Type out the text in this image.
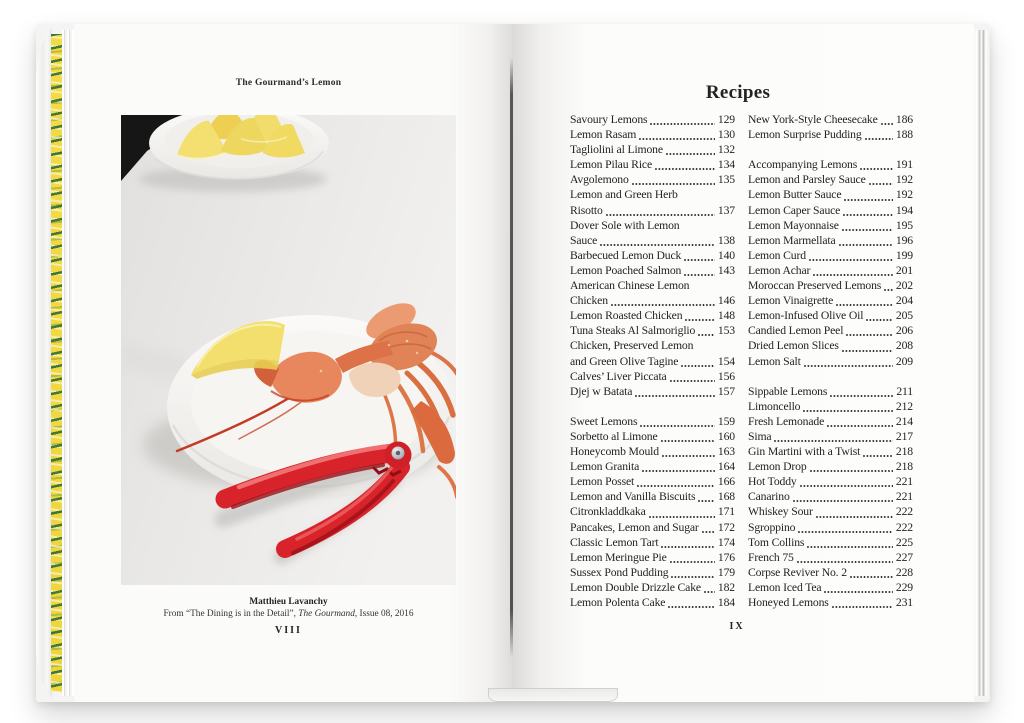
The Gourmand’s Lemon
Matthieu Lavanchy
From “The Dining is in the Detail”, The Gourmand, Issue 08, 2016
VIII
Recipes
Savoury Lemons	129
Lemon Rasam	130
Tagliolini al Limone	132
Lemon Pilau Rice	134
Avgolemono	135
Lemon and Green Herb
Risotto	137
Dover Sole with Lemon
Sauce	138
Barbecued Lemon Duck	140
Lemon Poached Salmon	143
American Chinese Lemon
Chicken	146
Lemon Roasted Chicken	148
Tuna Steaks Al Salmoriglio 153
Chicken, Preserved Lemon
and Green Olive Tagine	154
Calves’ Liver Piccata	156
Djej w Batata	157
Sweet Lemons	159
Sorbetto al Limone	160
Honeycomb Mould	163
Lemon Granita	164
Lemon Posset	166
Lemon and Vanilla Biscuits 168
Citronkladdkaka	171
Pancakes, Lemon and Sugar 172
Classic Lemon Tart	174
Lemon Meringue Pie	176
Sussex Pond Pudding	179
Lemon Double Drizzle Cake 182
Lemon Polenta Cake	184
New York-Style Cheesecake 186
Lemon Surprise Pudding	188
Accompanying Lemons	191
Lemon and Parsley Sauce	192
Lemon Butter Sauce	192
Lemon Caper Sauce	194
Lemon Mayonnaise	195
Lemon Marmellata	196
Lemon Curd	199
Lemon Achar	201
Moroccan Preserved Lemons 202
Lemon Vinaigrette	204
Lemon-Infused Olive Oil	205
Candied Lemon Peel	206
Dried Lemon Slices	208
Lemon Salt	209
Sippable Lemons	211
Limoncello	212
Fresh Lemonade	214
Sima	217
Gin Martini with a Twist	218
Lemon Drop	218
Hot Toddy	221
Canarino	221
Whiskey Sour	222
Sgroppino	222
Tom Collins	225
French 75	227
Corpse Reviver No. 2	228
Lemon Iced Tea	229
Honeyed Lemons	231
IX
